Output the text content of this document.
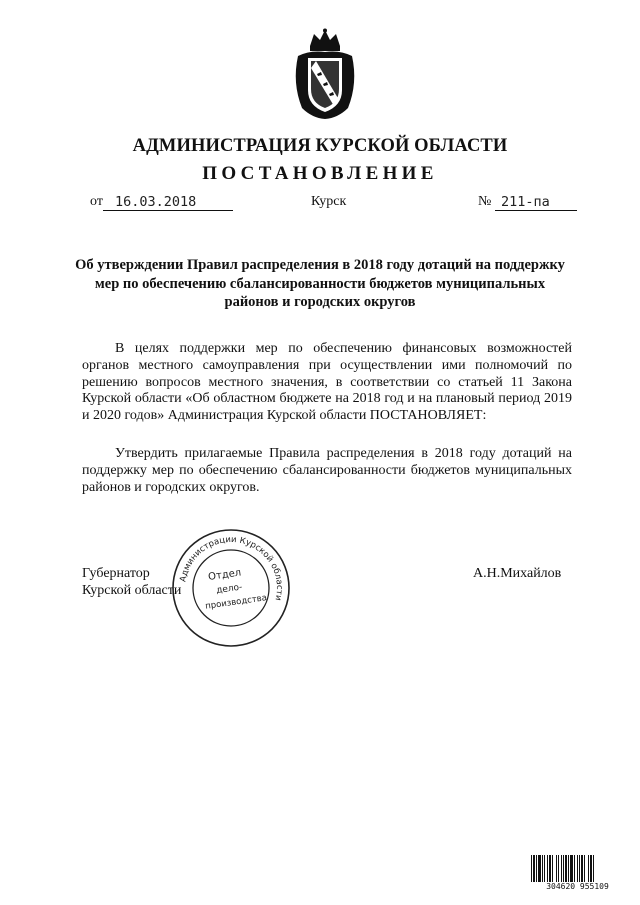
АДМИНИСТРАЦИЯ КУРСКОЙ ОБЛАСТИ
ПОСТАНОВЛЕНИЕ
от 16.03.2018	Курск	№ 211-па
Об утверждении Правил распределения в 2018 году дотаций на поддержку мер по обеспечению сбалансированности бюджетов муниципальных районов и городских округов
В целях поддержки мер по обеспечению финансовых возможностей органов местного самоуправления при осуществлении ими полномочий по решению вопросов местного значения, в соответствии со статьей 11 Закона Курской области «Об областном бюджете на 2018 год и на плановый период 2019 и 2020 годов» Администрация Курской области ПОСТАНОВЛЯЕТ:
Утвердить прилагаемые Правила распределения в 2018 году дотаций на поддержку мер по обеспечению сбалансированности бюджетов муниципальных районов и городских округов.
Губернатор
Курской области
А.Н.Михайлов
Администрации Курской области
Отдел
дело-
производства
304620 955109
